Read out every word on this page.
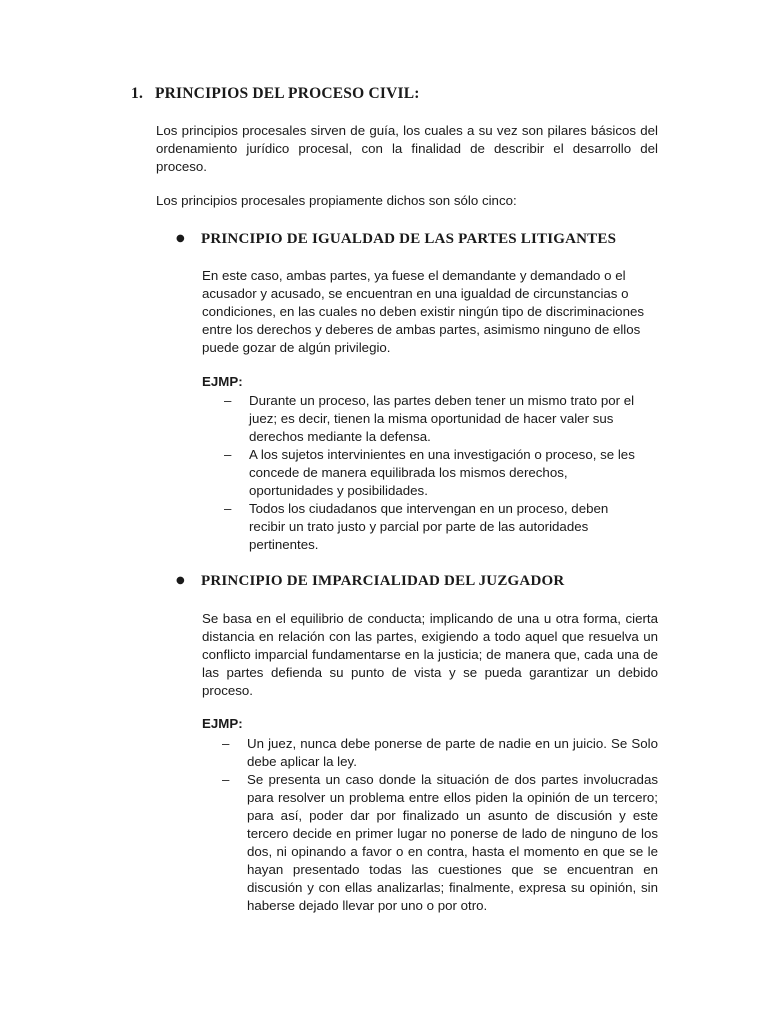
1. PRINCIPIOS DEL PROCESO CIVIL:
Los principios procesales sirven de guía, los cuales a su vez son pilares básicos del ordenamiento jurídico procesal, con la finalidad de describir el desarrollo del proceso.
Los principios procesales propiamente dichos son sólo cinco:
● PRINCIPIO DE IGUALDAD DE LAS PARTES LITIGANTES
En este caso, ambas partes, ya fuese el demandante y demandado o el acusador y acusado, se encuentran en una igualdad de circunstancias o condiciones, en las cuales no deben existir ningún tipo de discriminaciones entre los derechos y deberes de ambas partes, asimismo ninguno de ellos puede gozar de algún privilegio.
EJMP:
– Durante un proceso, las partes deben tener un mismo trato por el juez; es decir, tienen la misma oportunidad de hacer valer sus derechos mediante la defensa.
– A los sujetos intervinientes en una investigación o proceso, se les concede de manera equilibrada los mismos derechos, oportunidades y posibilidades.
– Todos los ciudadanos que intervengan en un proceso, deben recibir un trato justo y parcial por parte de las autoridades pertinentes.
● PRINCIPIO DE IMPARCIALIDAD DEL JUZGADOR
Se basa en el equilibrio de conducta; implicando de una u otra forma, cierta distancia en relación con las partes, exigiendo a todo aquel que resuelva un conflicto imparcial fundamentarse en la justicia; de manera que, cada una de las partes defienda su punto de vista y se pueda garantizar un debido proceso.
EJMP:
– Un juez, nunca debe ponerse de parte de nadie en un juicio. Se Solo debe aplicar la ley.
– Se presenta un caso donde la situación de dos partes involucradas para resolver un problema entre ellos piden la opinión de un tercero; para así, poder dar por finalizado un asunto de discusión y este tercero decide en primer lugar no ponerse de lado de ninguno de los dos, ni opinando a favor o en contra, hasta el momento en que se le hayan presentado todas las cuestiones que se encuentran en discusión y con ellas analizarlas; finalmente, expresa su opinión, sin haberse dejado llevar por uno o por otro.
